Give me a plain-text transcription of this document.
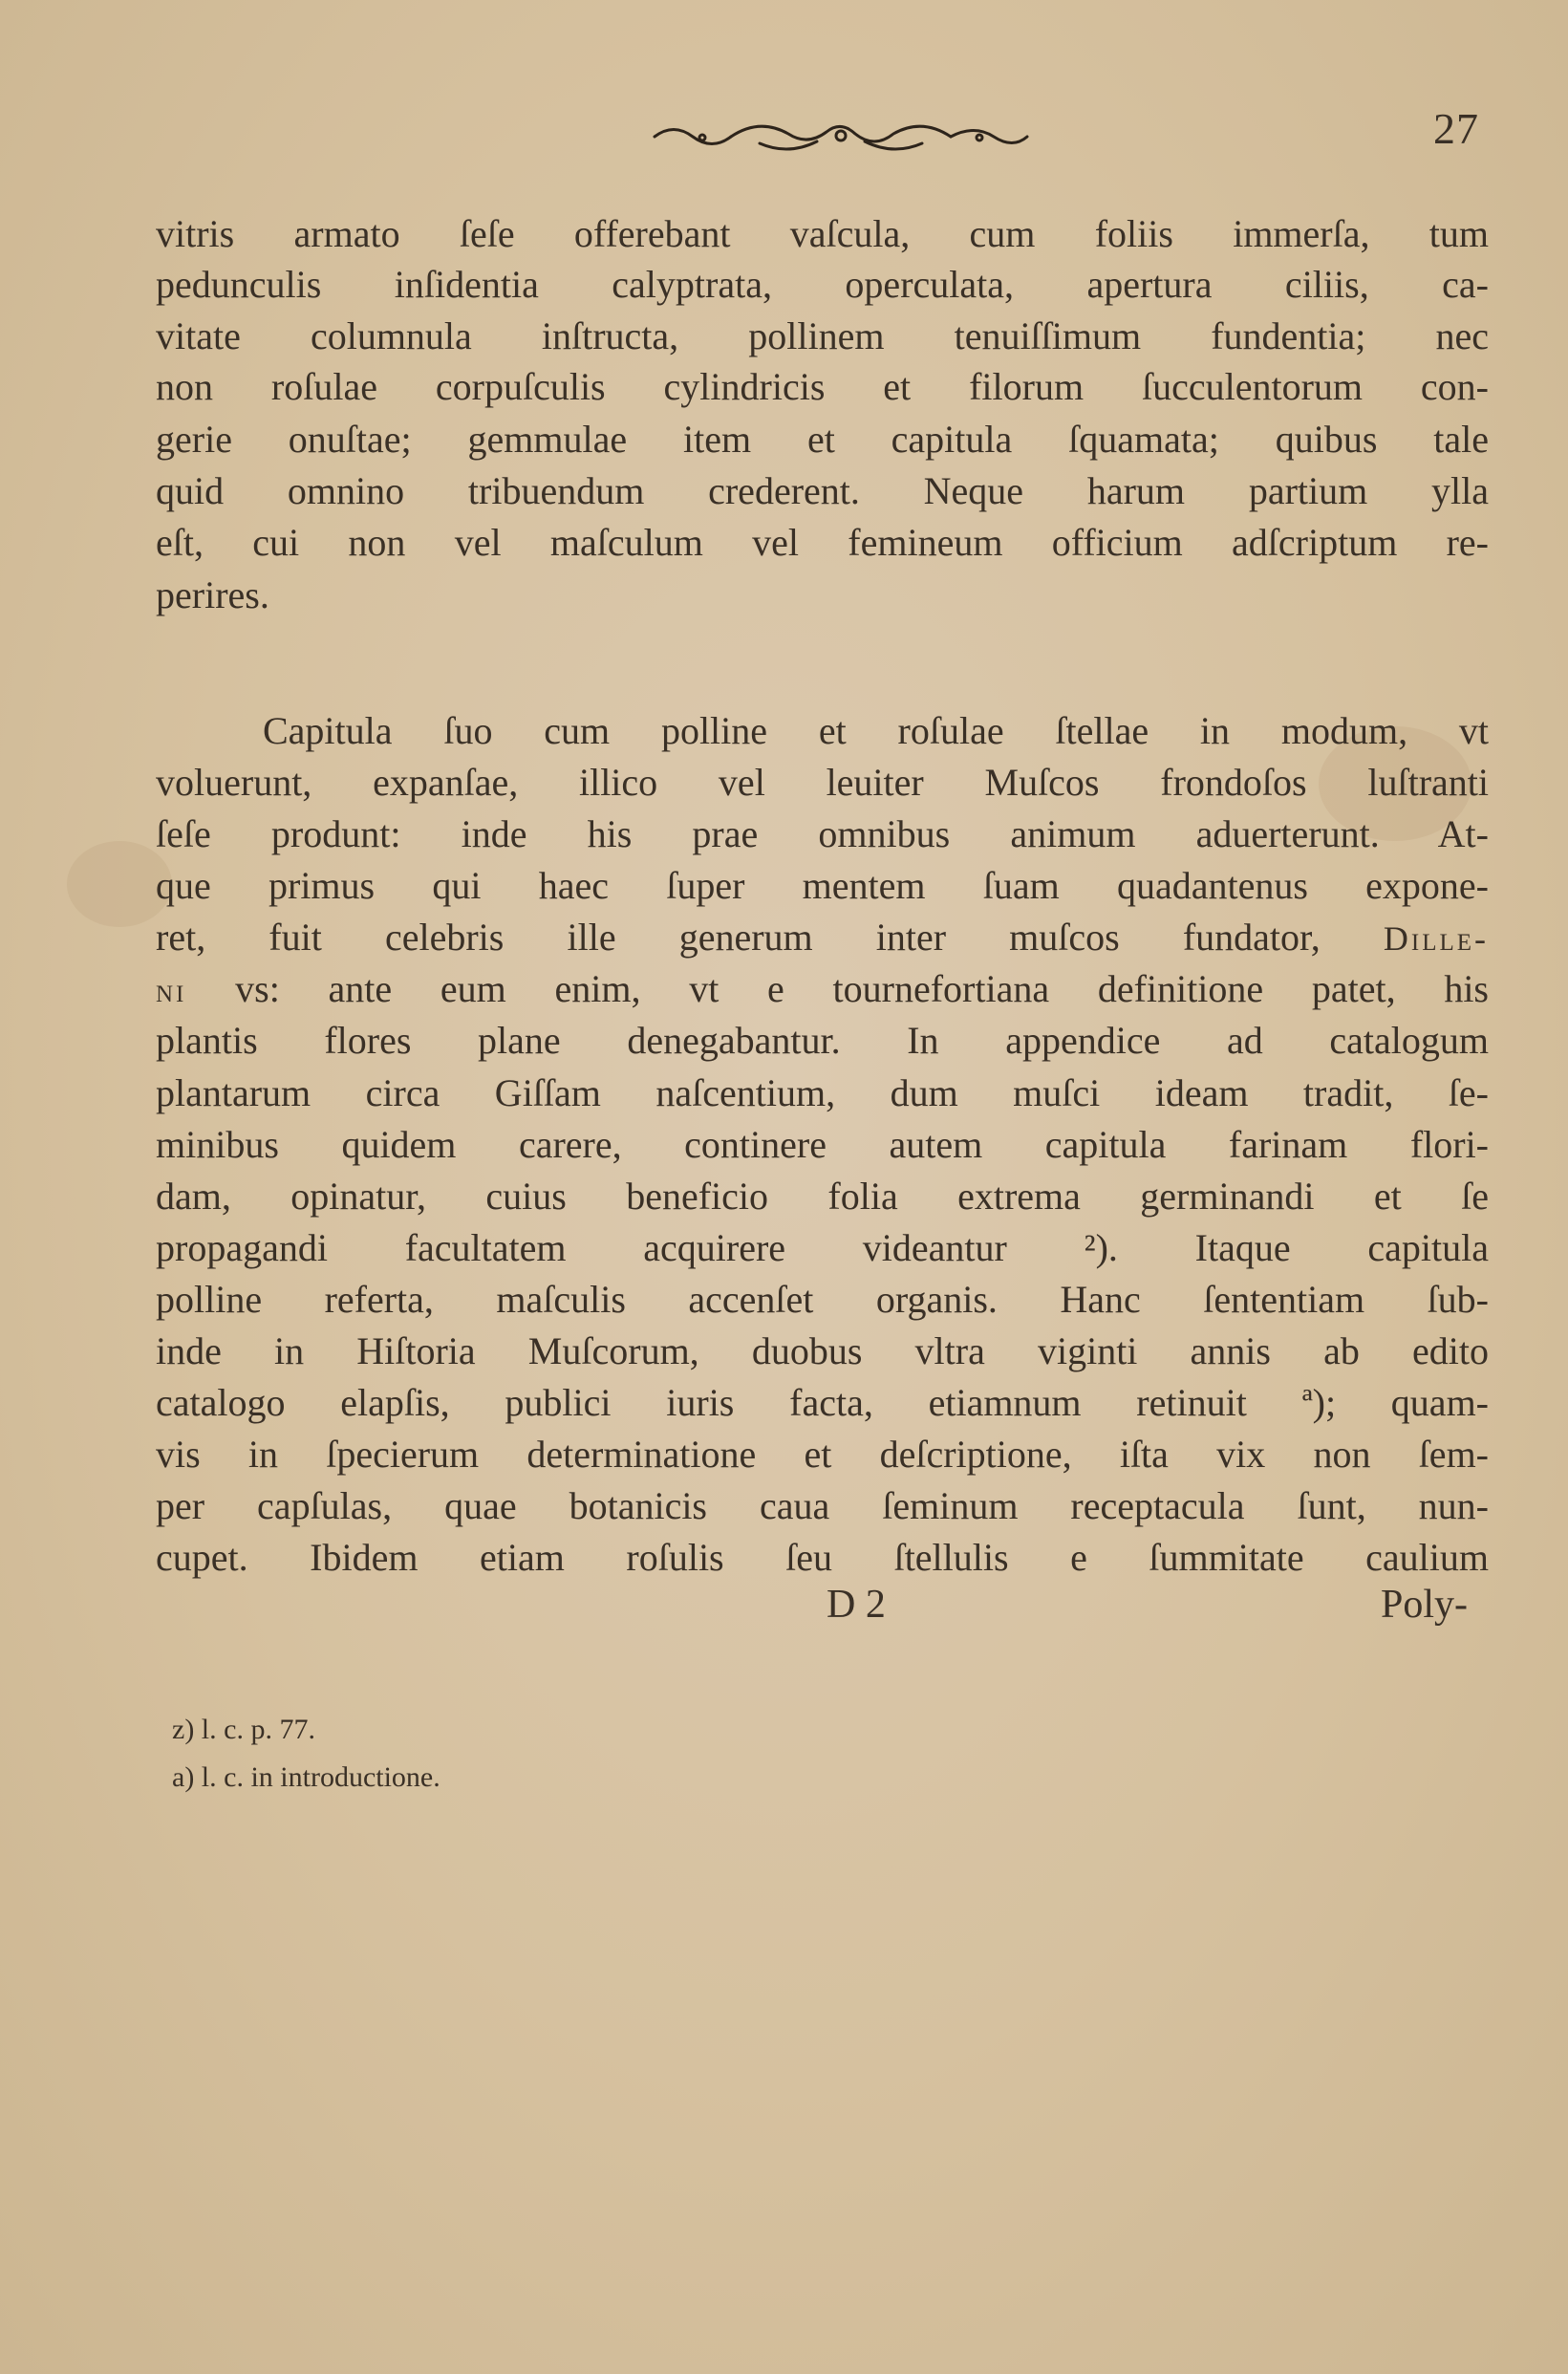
27
vitris armato ſeſe offerebant vaſcula, cum foliis immerſa, tum
pedunculis inſidentia calyptrata, operculata, apertura ciliis, ca-
vitate columnula inſtructa, pollinem tenuiſſimum fundentia; nec
non roſulae corpuſculis cylindricis et filorum ſucculentorum con-
gerie onuſtae; gemmulae item et capitula ſquamata; quibus tale
quid omnino tribuendum crederent. Neque harum partium ylla
eſt, cui non vel maſculum vel femineum officium adſcriptum re-
perires.
Capitula ſuo cum polline et roſulae ſtellae in modum, vt
voluerunt, expanſae, illico vel leuiter Muſcos frondoſos luſtranti
ſeſe produnt: inde his prae omnibus animum aduerterunt. At-
que primus qui haec ſuper mentem ſuam quadantenus expone-
ret, fuit celebris ille generum inter muſcos fundator, Dille-
ni vs: ante eum enim, vt e tournefortiana definitione patet, his
plantis flores plane denegabantur. In appendice ad catalogum
plantarum circa Giſſam naſcentium, dum muſci ideam tradit, ſe-
minibus quidem carere, continere autem capitula farinam flori-
dam, opinatur, cuius beneficio folia extrema germinandi et ſe
propagandi facultatem acquirere videantur ²). Itaque capitula
polline referta, maſculis accenſet organis. Hanc ſententiam ſub-
inde in Hiſtoria Muſcorum, duobus vltra viginti annis ab edito
catalogo elapſis, publici iuris facta, etiamnum retinuit ª); quam-
vis in ſpecierum determinatione et deſcriptione, iſta vix non ſem-
per capſulas, quae botanicis caua ſeminum receptacula ſunt, nun-
cupet. Ibidem etiam roſulis ſeu ſtellulis e ſummitate caulium
D 2	Poly-
z) l. c. p. 77.
a) l. c. in introductione.
